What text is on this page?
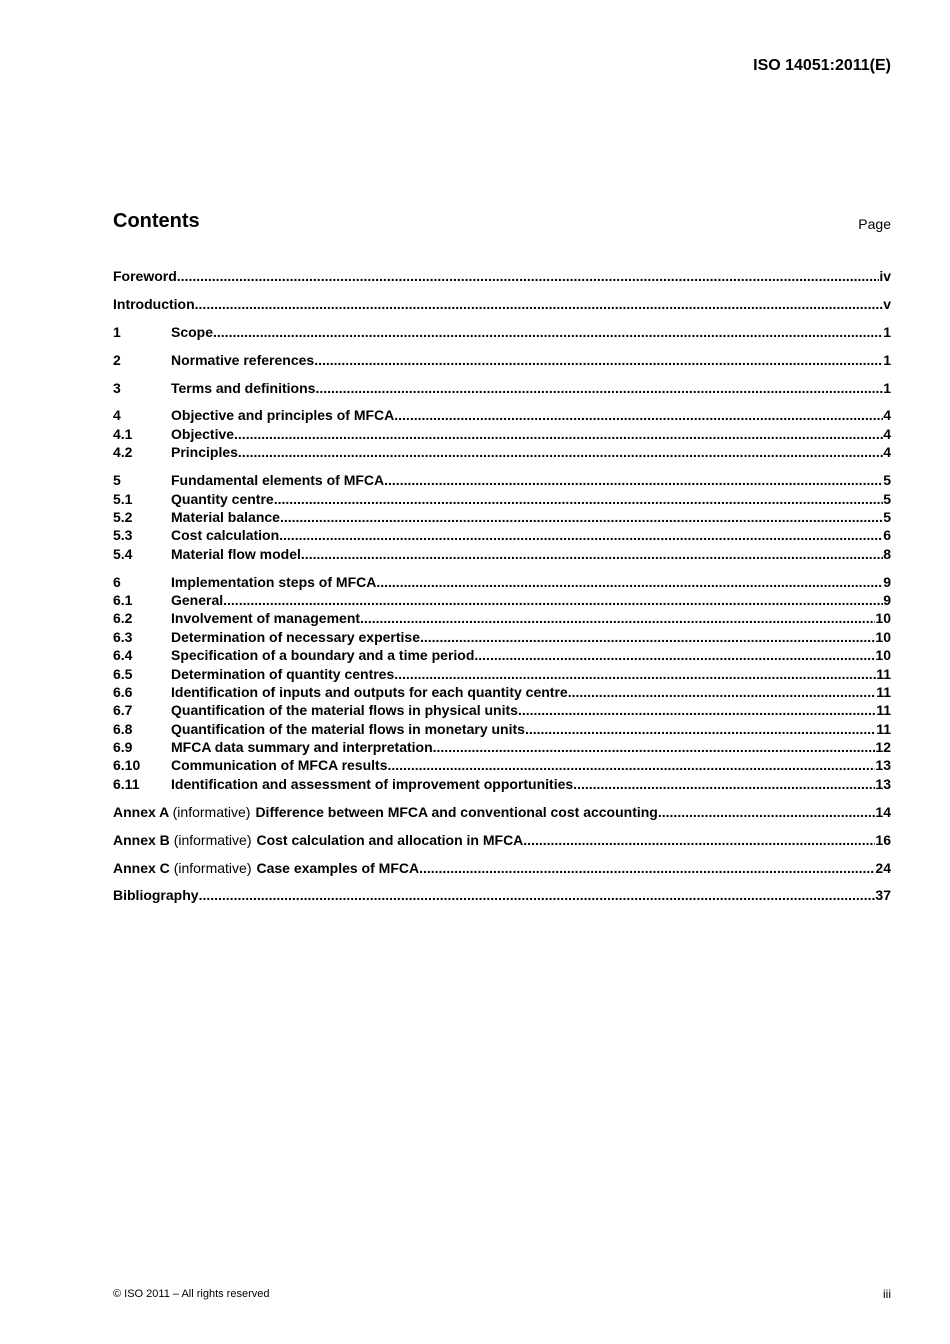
ISO 14051:2011(E)
Contents	Page
Foreword .....	iv
Introduction .....	v
1	Scope .....	1
2	Normative references .....	1
3	Terms and definitions .....	1
4	Objective and principles of MFCA .....	4
4.1	Objective .....	4
4.2	Principles .....	4
5	Fundamental elements of MFCA .....	5
5.1	Quantity centre .....	5
5.2	Material balance .....	5
5.3	Cost calculation .....	6
5.4	Material flow model .....	8
6	Implementation steps of MFCA .....	9
6.1	General .....	9
6.2	Involvement of management .....	10
6.3	Determination of necessary expertise .....	10
6.4	Specification of a boundary and a time period .....	10
6.5	Determination of quantity centres .....	11
6.6	Identification of inputs and outputs for each quantity centre .....	11
6.7	Quantification of the material flows in physical units .....	11
6.8	Quantification of the material flows in monetary units .....	11
6.9	MFCA data summary and interpretation .....	12
6.10	Communication of MFCA results .....	13
6.11	Identification and assessment of improvement opportunities .....	13
Annex A (informative) Difference between MFCA and conventional cost accounting .....	14
Annex B (informative) Cost calculation and allocation in MFCA .....	16
Annex C (informative) Case examples of MFCA .....	24
Bibliography .....	37
© ISO 2011 – All rights reserved	iii
